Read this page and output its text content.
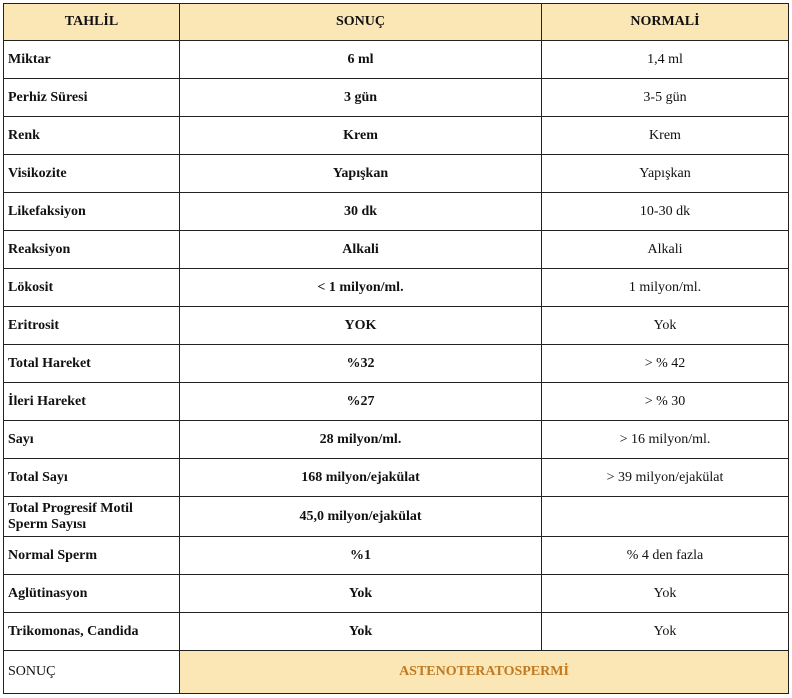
TAHLİL	SONUÇ	NORMALİ
Miktar	6 ml	1,4 ml
Perhiz Süresi	3 gün	3-5 gün
Renk	Krem	Krem
Visikozite	Yapışkan	Yapışkan
Likefaksiyon	30 dk	10-30 dk
Reaksiyon	Alkali	Alkali
Lökosit	< 1 milyon/ml.	1 milyon/ml.
Eritrosit	YOK	Yok
Total Hareket	%32	> % 42
İleri Hareket	%27	> % 30
Sayı	28 milyon/ml.	> 16 milyon/ml.
Total Sayı	168 milyon/ejakülat	> 39 milyon/ejakülat
Total Progresif Motil Sperm Sayısı	45,0 milyon/ejakülat	
Normal Sperm	%1	% 4 den fazla
Aglütinasyon	Yok	Yok
Trikomonas, Candida	Yok	Yok
SONUÇ	ASTENOTERATOSPERMİ	
